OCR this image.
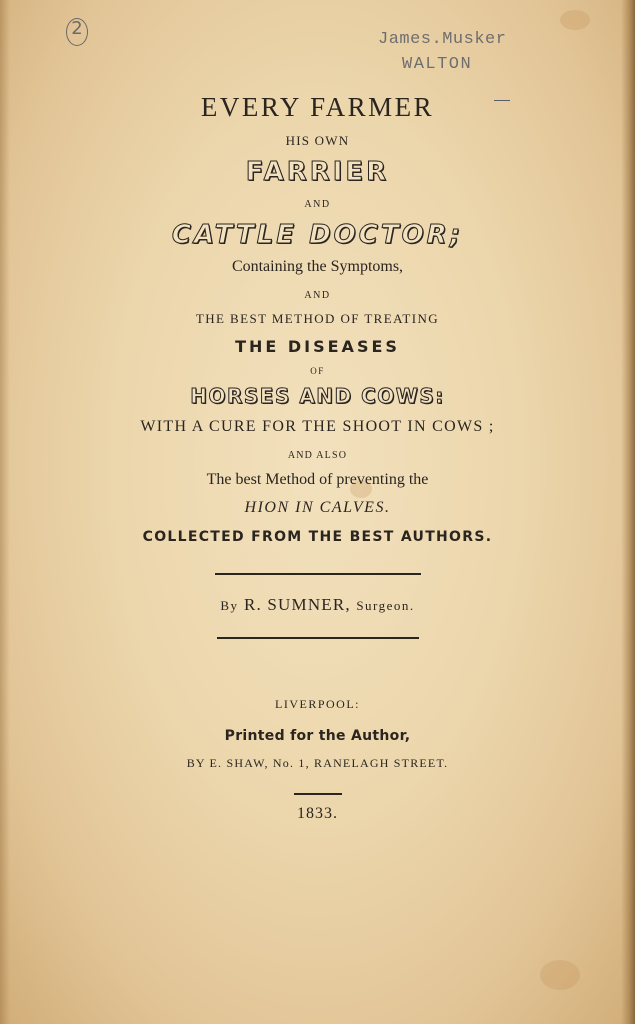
2
James.Musker
WALTON
EVERY FARMER
HIS OWN
FARRIER
AND
CATTLE DOCTOR;
Containing the Symptoms,
AND
THE BEST METHOD OF TREATING
THE DISEASES
OF
HORSES AND COWS:
WITH A CURE FOR THE SHOOT IN COWS ;
AND ALSO
The best Method of preventing the
HION IN CALVES.
COLLECTED FROM THE BEST AUTHORS.
By R. SUMNER, Surgeon.
LIVERPOOL:
Printed for the Author,
BY E. SHAW, No. 1, RANELAGH STREET.
1833.
